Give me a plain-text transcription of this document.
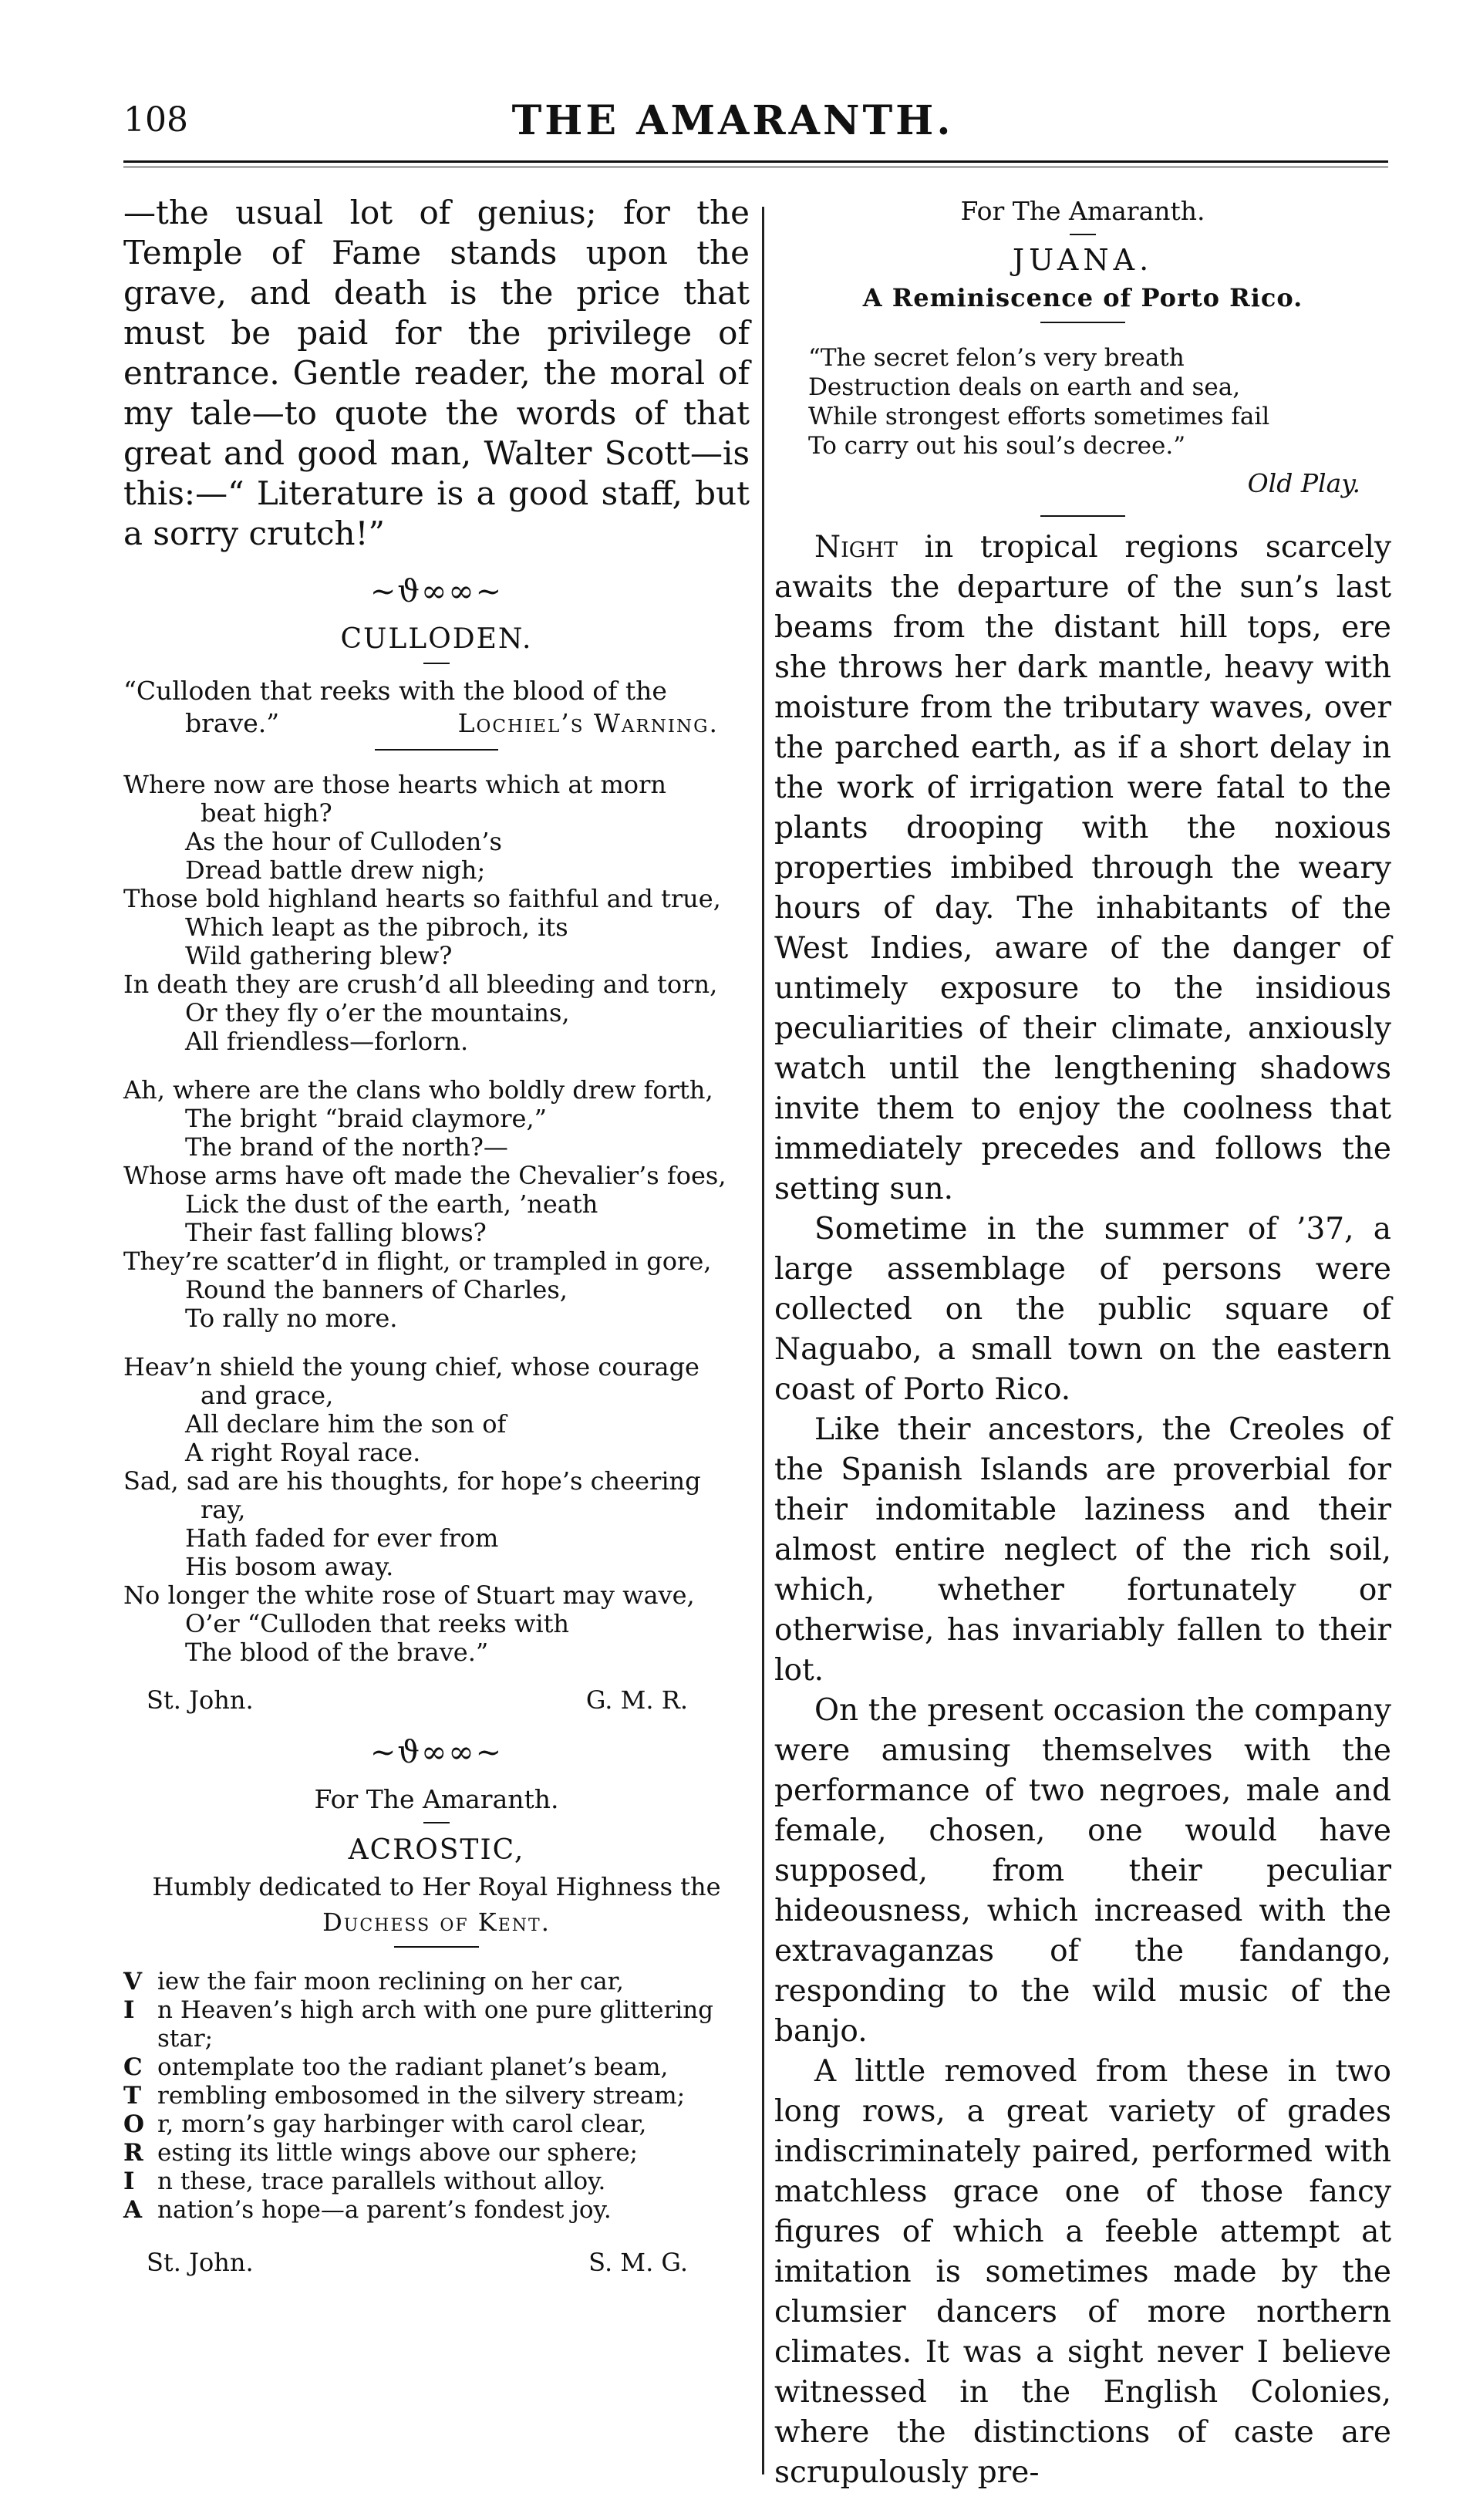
108	THE AMARANTH.

—the usual lot of genius; for the Temple of Fame stands upon the grave, and death is the price that must be paid for the privilege of entrance. Gentle reader, the moral of my tale—to quote the words of that great and good man, Walter Scott—is this:—“ Literature is a good staff, but a sorry crutch!”

~ϑ∞∞~
CULLODEN.
“Culloden that reeks with the blood of the
brave.”	Lochiel’s Warning.
Where now are those hearts which at morn
beat high?
As the hour of Culloden’s
Dread battle drew nigh;
Those bold highland hearts so faithful and true,
Which leapt as the pibroch, its
Wild gathering blew?
In death they are crush’d all bleeding and torn,
Or they fly o’er the mountains,
All friendless—forlorn.
Ah, where are the clans who boldly drew forth,
The bright “braid claymore,”
The brand of the north?—
Whose arms have oft made the Chevalier’s foes,
Lick the dust of the earth, ’neath
Their fast falling blows?
They’re scatter’d in flight, or trampled in gore,
Round the banners of Charles,
To rally no more.
Heav’n shield the young chief, whose courage
and grace,
All declare him the son of
A right Royal race.
Sad, sad are his thoughts, for hope’s cheering
ray,
Hath faded for ever from
His bosom away.
No longer the white rose of Stuart may wave,
O’er “Culloden that reeks with
The blood of the brave.”
St. John.	G. M. R.
~ϑ∞∞~
For The Amaranth.
ACROSTIC,
Humbly dedicated to Her Royal Highness the
Duchess of Kent.
V iew the fair moon reclining on her car,
I n Heaven’s high arch with one pure glittering
star;
C ontemplate too the radiant planet’s beam,
T rembling embosomed in the silvery stream;
O r, morn’s gay harbinger with carol clear,
R esting its little wings above our sphere;
I n these, trace parallels without alloy.
A nation’s hope—a parent’s fondest joy.
St. John.	S. M. G.
For The Amaranth.
JUANA.
A Reminiscence of Porto Rico.
“The secret felon’s very breath
Destruction deals on earth and sea,
While strongest efforts sometimes fail
To carry out his soul’s decree.”
Old Play.

Night in tropical regions scarcely awaits the departure of the sun’s last beams from the distant hill tops, ere she throws her dark mantle, heavy with moisture from the tributary waves, over the parched earth, as if a short delay in the work of irrigation were fatal to the plants drooping with the noxious properties imbibed through the weary hours of day. The inhabitants of the West Indies, aware of the danger of untimely exposure to the insidious peculiarities of their climate, anxiously watch until the lengthening shadows invite them to enjoy the coolness that immediately precedes and follows the setting sun.

Sometime in the summer of ’37, a large assemblage of persons were collected on the public square of Naguabo, a small town on the eastern coast of Porto Rico.

Like their ancestors, the Creoles of the Spanish Islands are proverbial for their indomitable laziness and their almost entire neglect of the rich soil, which, whether fortunately or otherwise, has invariably fallen to their lot.

On the present occasion the company were amusing themselves with the performance of two negroes, male and female, chosen, one would have supposed, from their peculiar hideousness, which increased with the extravaganzas of the fandango, responding to the wild music of the banjo.

A little removed from these in two long rows, a great variety of grades indiscriminately paired, performed with matchless grace one of those fancy figures of which a feeble attempt at imitation is sometimes made by the clumsier dancers of more northern climates. It was a sight never I believe witnessed in the English Colonies, where the distinctions of caste are scrupulously pre-
